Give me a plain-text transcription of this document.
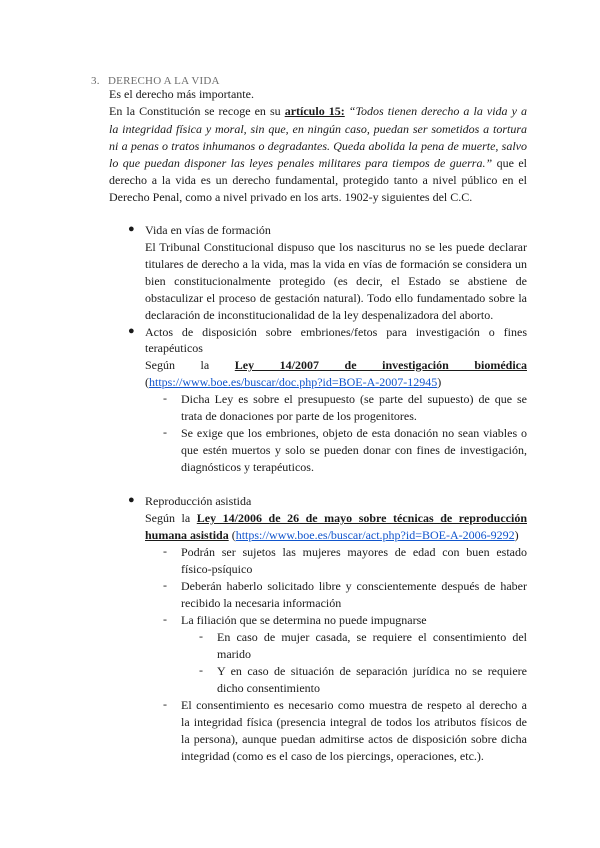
3. DERECHO A LA VIDA
Es el derecho más importante.
En la Constitución se recoge en su artículo 15: “Todos tienen derecho a la vida y a
la integridad física y moral, sin que, en ningún caso, puedan ser sometidos a tortura
ni a penas o tratos inhumanos o degradantes. Queda abolida la pena de muerte, salvo
lo que puedan disponer las leyes penales militares para tiempos de guerra.” que el
derecho a la vida es un derecho fundamental, protegido tanto a nivel público en el
Derecho Penal, como a nivel privado en los arts. 1902-y siguientes del C.C.
● Vida en vías de formación
El Tribunal Constitucional dispuso que los nasciturus no se les puede declarar
titulares de derecho a la vida, mas la vida en vías de formación se considera un
bien constitucionalmente protegido (es decir, el Estado se abstiene de
obstaculizar el proceso de gestación natural). Todo ello fundamentado sobre la
declaración de inconstitucionalidad de la ley despenalizadora del aborto.
● Actos de disposición sobre embriones/fetos para investigación o fines
terapéuticos
Según la Ley 14/2007 de investigación biomédica
(https://www.boe.es/buscar/doc.php?id=BOE-A-2007-12945)
- Dicha Ley es sobre el presupuesto (se parte del supuesto) de que se
trata de donaciones por parte de los progenitores.
- Se exige que los embriones, objeto de esta donación no sean viables o
que estén muertos y solo se pueden donar con fines de investigación,
diagnósticos y terapéuticos.
● Reproducción asistida
Según la Ley 14/2006 de 26 de mayo sobre técnicas de reproducción
humana asistida (https://www.boe.es/buscar/act.php?id=BOE-A-2006-9292)
- Podrán ser sujetos las mujeres mayores de edad con buen estado
físico-psíquico
- Deberán haberlo solicitado libre y conscientemente después de haber
recibido la necesaria información
- La filiación que se determina no puede impugnarse
- En caso de mujer casada, se requiere el consentimiento del
marido
- Y en caso de situación de separación jurídica no se requiere
dicho consentimiento
- El consentimiento es necesario como muestra de respeto al derecho a
la integridad física (presencia integral de todos los atributos físicos de
la persona), aunque puedan admitirse actos de disposición sobre dicha
integridad (como es el caso de los piercings, operaciones, etc.).
